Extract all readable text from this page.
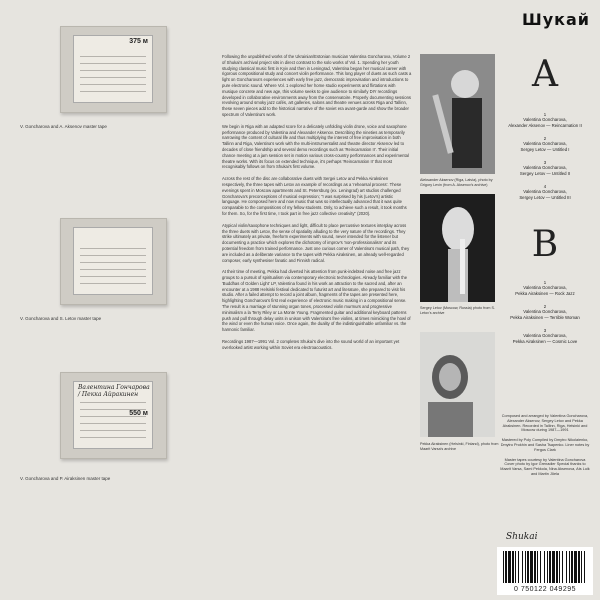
Шукай
375 м
V. Goncharova and A. Aksenov master tape
V. Goncharova and S. Letov master tape
Валентина Гончарова / Пекка Айракинен
550 м
V. Goncharova and P. Airaksinen master tape

Following the unpublished works of the Ukrainian/Estonian musician Valentina Goncharova, Volume 2 of Shukai's archival project sits in direct contrast to the solo works of Vol. 1. Spending her youth studying classical music first in Kyiv and then in Leningrad, Valentina began her musical career with rigorous compositional study and concert violin performance. This long player of duets as such casts a light on Goncharova's experiences with early free jazz, democratic improvisation and introductions to pure electronic sound. Where Vol. 1 explored her home studio experiments and flirtations with musique concrete and new age, this volume seeks to give audience to similarly DIY recordings developed in collaborative environments away from the conservatoire. Properly documenting sessions revolving around smoky jazz cafés, art galleries, salons and theatre venues across Riga and Tallinn, these seven pieces add to the historical narrative of the soviet era avant-garde and show the broader spectrum of Valentina's work.

We begin in Riga with an adapted score for a delicately unfolding violin drone, voice and saxophone performance produced by Valentina and Alexander Aksenov. Describing the nineties as temporarily narrowing the content of cultural life and thus multiplying the interest of free improvisation in both Tallinn and Riga, Valentina's work with the multi-instrumentalist and theatre director Aksenov led to decades of close friendship and several demo recordings such as 'Reincarnation II'. Their initial chance meeting at a jam session set in motion various cross-country performances and experimental theatre works. With its focus on extended technique, it's perhaps 'Reincarnation II' that most recognisably follows on from Shukai's first volume.

Across the rest of the disc are collaborative duets with Sergei Letov and Pekka Airaksinen respectively, the three tapes with Letov an example of recordings as a 'rehearsal process'. These evenings spent in Moscow apartments and St. Petersburg (ex. Leningrad) art studios challenged Goncharova's preconceptions of musical expression; "I was surprised by his (Letov's) artistic language. He composed here and now music that was so intellectually advanced that it was quite comparable to the compositions of my fellow students. Only, to achieve such a result, it took months for them. So, for the first time, I took part in free jazz collective creativity" (2020).

Atypical violin/saxophone techniques and light, difficult to place percussive textures interplay across the three duets with Letov, the sense of spatiality alluding to the very nature of the recordings. They strike ultimately as private, freeform experiments with sound, never intended for the listener but documenting a practice which explores the dichotomy of improv's 'non-professionalism' and its potential freedom from trained performance. Just one curious corner of Valentina's musical path, they are included as a deliberate variance to the tapes with Pekka Airaksinen, an already well-regarded composer, early synthesiser fanatic and Finnish radical.

At their time of meeting, Pekka had diverted his attention from punk-indebted noise and free jazz groups to a pursuit of spiritualism via contemporary electronic technologies. Already familiar with the 'Buddhas of Golden Light' LP, Valentina found in his work an attraction to the sacred and, after an encounter at a 1988 Helsinki festival dedicated to futurist art and literature, she prepared to visit his studio. After a failed attempt to record a joint album, fragments of the tapes are presented here, highlighting Goncharova's first real experience of electronic music making in a compositional sense. The result is a marriage of stunning organ tones, processed violin murmurs and progressive minimalism a la Terry Riley or La Monte Young. Fragmented guitar and additional keyboard patterns push and pull through delay units in unison with Valentina's free violins, at times mimicking the howl of the wind or even the human voice. Once again, the duality of the indistinguishable unfamiliar vs. the harmonic familiar.

Recordings 1987—1991 Vol. 2 completes Shukai's dive into the sound world of an important yet overlooked artist working within Soviet era electroacoustics.

Aleksander Aksenov (Riga, Latvia), photo by Grigory Levin (from A. Aksenov's archive)
Sergey Letov (Moscow, Russia) photo from S. Letov's archive
Pekka Airaksinen (Helsinki, Finland), photo from Maarit Varsa's archive
A
1
Valentina Goncharova,
Alexander Aksenov — Reincarnation II
2
Valentina Goncharova,
Sergey Letov — Untitled I
3
Valentina Goncharova,
Sergey Letov — Untitled II
4
Valentina Goncharova,
Sergey Letov — Untitled III
B
1
Valentina Goncharova,
Pekka Airaksinen — Rock Jazz
2
Valentina Goncharova,
Pekka Airaksinen — Terrible Woman
3
Valentina Goncharova,
Pekka Airaksinen — Cosmic Love

Composed and arranged by Valentina Goncharova, Alexander Aksenov, Sergey Letov and Pekka Airaksinen. Recorded in Tallinn, Riga, Helsinki and Moscow during 1987—1991

Mastered by Poly Compiled by Dmytro Nikolaienko, Dmytro Prokhin and Sasha Tsapenko. Liner notes by Fergus Clark

Master tapes courtesy by Valentina Goncharova Cover photo by Igor Grenadier Special thanks to Maarit Varsa, Sami Pekkola, Nina Aksenova, Ats Luik and Martin Jõela

Shukai
0 750122 049295
